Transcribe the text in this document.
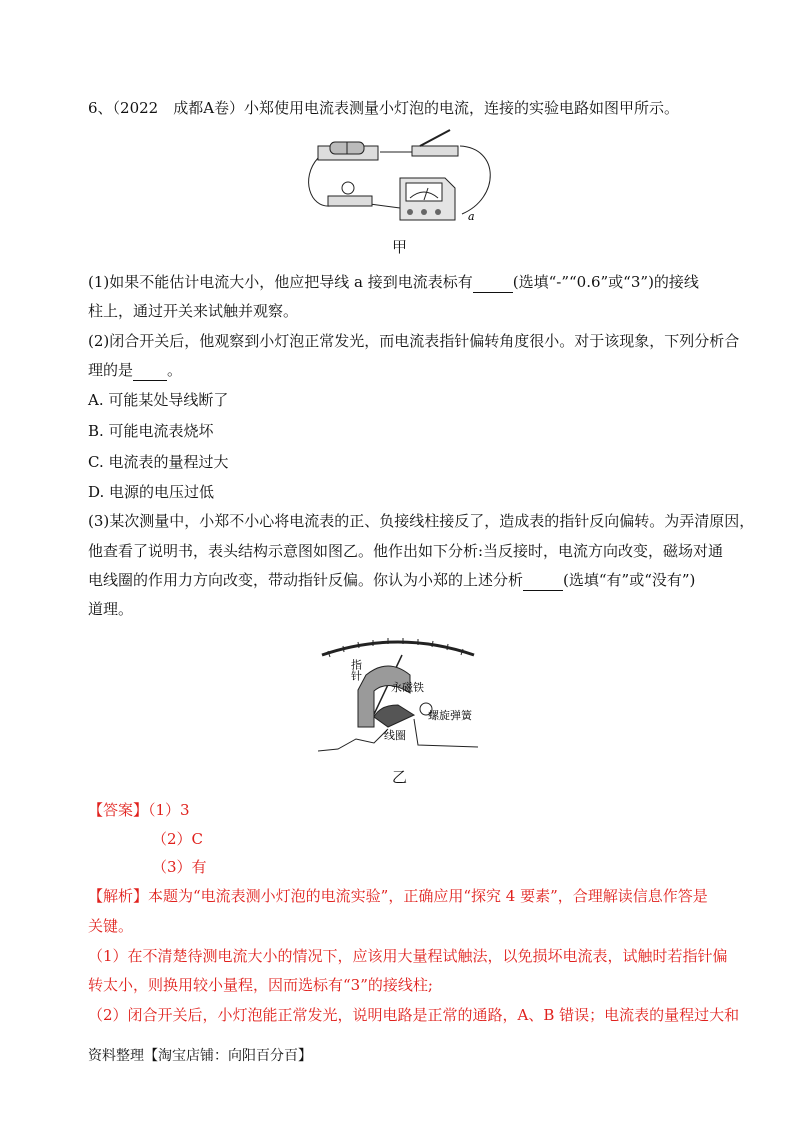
6、（2022　成都A卷）小郑使用电流表测量小灯泡的电流，连接的实验电路如图甲所示。
a
甲
(1)如果不能估计电流大小，他应把导线 a 接到电流表标有	(选填“-”“0.6”或“3”)的接线
柱上，通过开关来试触并观察。
(2)闭合开关后，他观察到小灯泡正常发光，而电流表指针偏转角度很小。对于该现象，下列分析合
理的是 。
A. 可能某处导线断了
B. 可能电流表烧坏
C. 电流表的量程过大
D. 电源的电压过低
(3)某次测量中，小郑不小心将电流表的正、负接线柱接反了，造成表的指针反向偏转。为弄清原因，
他查看了说明书，表头结构示意图如图乙。他作出如下分析:当反接时，电流方向改变，磁场对通
电线圈的作用力方向改变，带动指针反偏。你认为小郑的上述分析	(选填“有”或“没有”)
道理。
指针
永磁铁
螺旋弹簧
线圈
乙
【答案】（1）3
（2）C
（3）有
【解析】本题为“电流表测小灯泡的电流实验”，正确应用“探究 4 要素”，合理解读信息作答是
关键。
（1）在不清楚待测电流大小的情况下，应该用大量程试触法，以免损坏电流表，试触时若指针偏
转太小，则换用较小量程，因而选标有“3”的接线柱;
（2）闭合开关后，小灯泡能正常发光，说明电路是正常的通路，A、B 错误；电流表的量程过大和
资料整理【淘宝店铺：向阳百分百】
